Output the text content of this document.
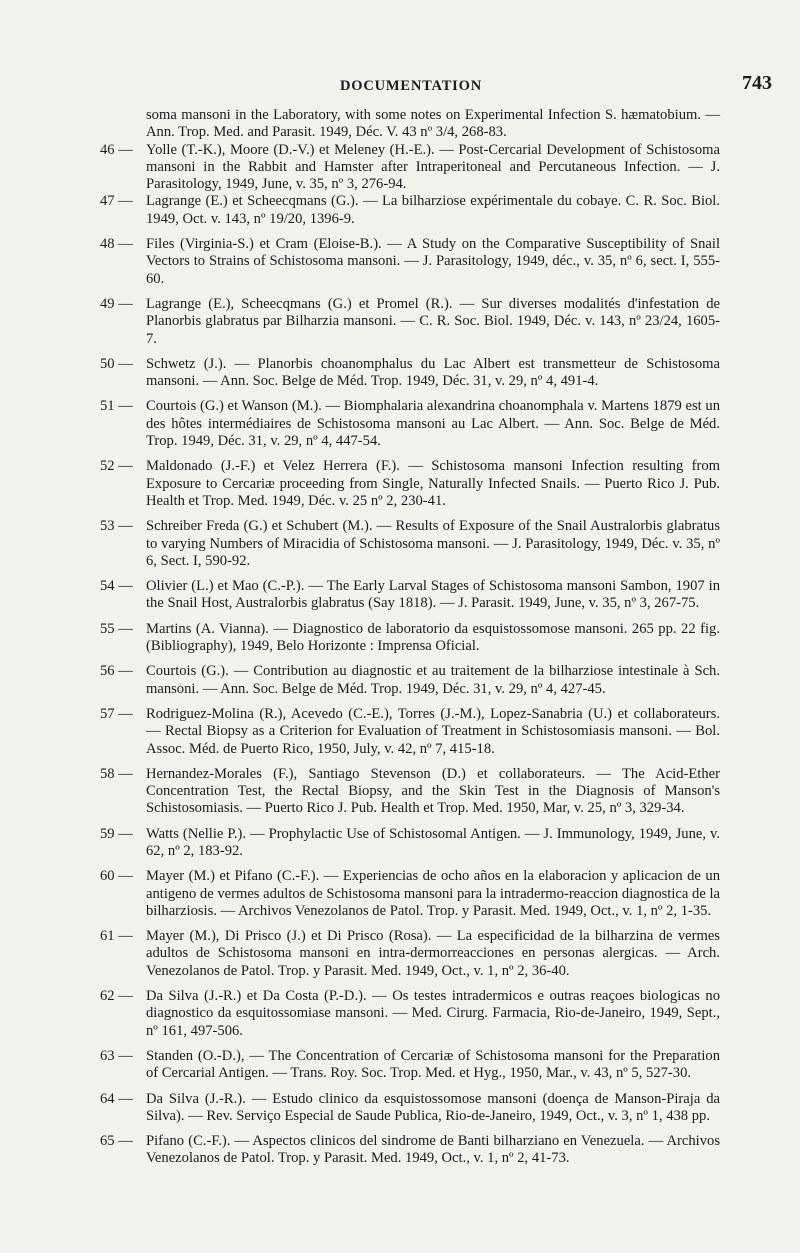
DOCUMENTATION	743

soma mansoni in the Laboratory, with some notes on Experimental Infection S. hæmatobium. — Ann. Trop. Med. and Parasit. 1949, Déc. V. 43 nº 3/4, 268-83.

46 — Yolle (T.-K.), Moore (D.-V.) et Meleney (H.-E.). — Post-Cercarial Development of Schistosoma mansoni in the Rabbit and Hamster after Intraperitoneal and Percutaneous Infection. — J. Parasitology, 1949, June, v. 35, nº 3, 276-94.

47 — Lagrange (E.) et Scheecqmans (G.). — La bilharziose expérimentale du cobaye. C. R. Soc. Biol. 1949, Oct. v. 143, nº 19/20, 1396-9.

48 — Files (Virginia-S.) et Cram (Eloise-B.). — A Study on the Comparative Susceptibility of Snail Vectors to Strains of Schistosoma mansoni. — J. Parasitology, 1949, déc., v. 35, nº 6, sect. I, 555-60.

49 — Lagrange (E.), Scheecqmans (G.) et Promel (R.). — Sur diverses modalités d'infestation de Planorbis glabratus par Bilharzia mansoni. — C. R. Soc. Biol. 1949, Déc. v. 143, nº 23/24, 1605-7.

50 — Schwetz (J.). — Planorbis choanomphalus du Lac Albert est transmetteur de Schistosoma mansoni. — Ann. Soc. Belge de Méd. Trop. 1949, Déc. 31, v. 29, nº 4, 491-4.

51 — Courtois (G.) et Wanson (M.). — Biomphalaria alexandrina choanomphala v. Martens 1879 est un des hôtes intermédiaires de Schistosoma mansoni au Lac Albert. — Ann. Soc. Belge de Méd. Trop. 1949, Déc. 31, v. 29, nº 4, 447-54.

52 — Maldonado (J.-F.) et Velez Herrera (F.). — Schistosoma mansoni Infection resulting from Exposure to Cercariæ proceeding from Single, Naturally Infected Snails. — Puerto Rico J. Pub. Health et Trop. Med. 1949, Déc. v. 25 nº 2, 230-41.

53 — Schreiber Freda (G.) et Schubert (M.). — Results of Exposure of the Snail Australorbis glabratus to varying Numbers of Miracidia of Schistosoma mansoni. — J. Parasitology, 1949, Déc. v. 35, nº 6, Sect. I, 590-92.

54 — Olivier (L.) et Mao (C.-P.). — The Early Larval Stages of Schistosoma mansoni Sambon, 1907 in the Snail Host, Australorbis glabratus (Say 1818). — J. Parasit. 1949, June, v. 35, nº 3, 267-75.

55 — Martins (A. Vianna). — Diagnostico de laboratorio da esquistossomose mansoni. 265 pp. 22 fig. (Bibliography), 1949, Belo Horizonte : Imprensa Oficial.

56 — Courtois (G.). — Contribution au diagnostic et au traitement de la bilharziose intestinale à Sch. mansoni. — Ann. Soc. Belge de Méd. Trop. 1949, Déc. 31, v. 29, nº 4, 427-45.

57 — Rodriguez-Molina (R.), Acevedo (C.-E.), Torres (J.-M.), Lopez-Sanabria (U.) et collaborateurs. — Rectal Biopsy as a Criterion for Evaluation of Treatment in Schistosomiasis mansoni. — Bol. Assoc. Méd. de Puerto Rico, 1950, July, v. 42, nº 7, 415-18.

58 — Hernandez-Morales (F.), Santiago Stevenson (D.) et collaborateurs. — The Acid-Ether Concentration Test, the Rectal Biopsy, and the Skin Test in the Diagnosis of Manson's Schistosomiasis. — Puerto Rico J. Pub. Health et Trop. Med. 1950, Mar, v. 25, nº 3, 329-34.

59 — Watts (Nellie P.). — Prophylactic Use of Schistosomal Antigen. — J. Immunology, 1949, June, v. 62, nº 2, 183-92.

60 — Mayer (M.) et Pifano (C.-F.). — Experiencias de ocho años en la elaboracion y aplicacion de un antigeno de vermes adultos de Schistosoma mansoni para la intradermo-reaccion diagnostica de la bilharziosis. — Archivos Venezolanos de Patol. Trop. y Parasit. Med. 1949, Oct., v. 1, nº 2, 1-35.

61 — Mayer (M.), Di Prisco (J.) et Di Prisco (Rosa). — La especificidad de la bilharzina de vermes adultos de Schistosoma mansoni en intra-dermorreacciones en personas alergicas. — Arch. Venezolanos de Patol. Trop. y Parasit. Med. 1949, Oct., v. 1, nº 2, 36-40.

62 — Da Silva (J.-R.) et Da Costa (P.-D.). — Os testes intradermicos e outras reaçoes biologicas no diagnostico da esquitossomiase mansoni. — Med. Cirurg. Farmacia, Rio-de-Janeiro, 1949, Sept., nº 161, 497-506.

63 — Standen (O.-D.), — The Concentration of Cercariæ of Schistosoma mansoni for the Preparation of Cercarial Antigen. — Trans. Roy. Soc. Trop. Med. et Hyg., 1950, Mar., v. 43, nº 5, 527-30.

64 — Da Silva (J.-R.). — Estudo clinico da esquistossomose mansoni (doença de Manson-Piraja da Silva). — Rev. Serviço Especial de Saude Publica, Rio-de-Janeiro, 1949, Oct., v. 3, nº 1, 438 pp.

65 — Pifano (C.-F.). — Aspectos clinicos del sindrome de Banti bilharziano en Venezuela. — Archivos Venezolanos de Patol. Trop. y Parasit. Med. 1949, Oct., v. 1, nº 2, 41-73.
